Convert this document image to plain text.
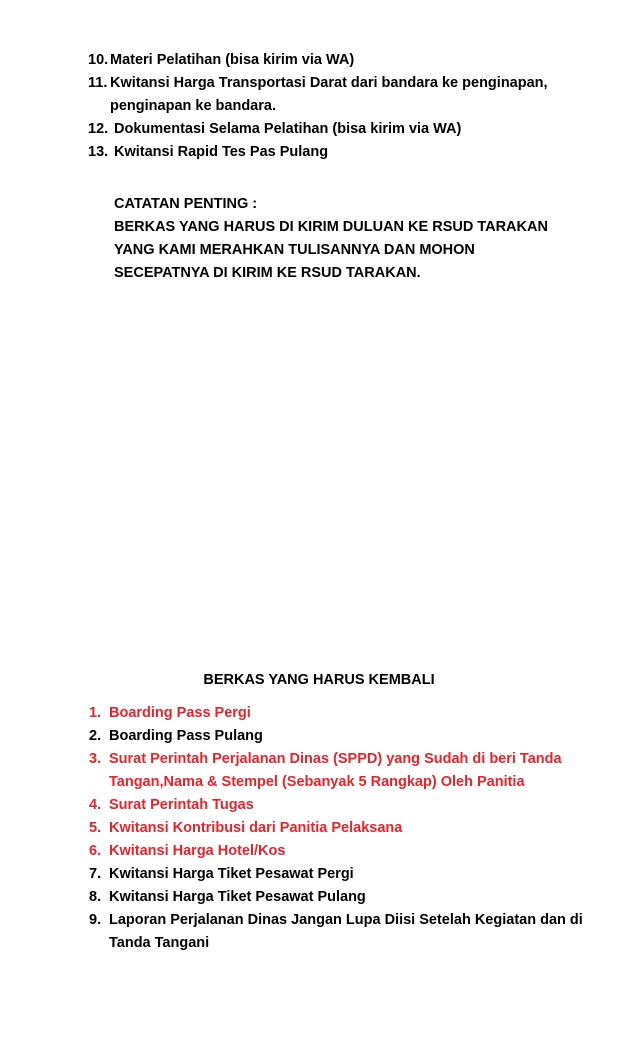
10. Materi Pelatihan (bisa kirim via WA)
11. Kwitansi Harga Transportasi Darat dari bandara ke penginapan, penginapan ke bandara.
12. Dokumentasi Selama Pelatihan (bisa kirim via WA)
13. Kwitansi Rapid Tes Pas Pulang
CATATAN PENTING :
BERKAS YANG HARUS DI KIRIM DULUAN KE RSUD TARAKAN
YANG KAMI MERAHKAN TULISANNYA DAN MOHON
SECEPATNYA DI KIRIM KE RSUD TARAKAN.
BERKAS YANG HARUS KEMBALI
1. Boarding Pass Pergi
2. Boarding Pass Pulang
3. Surat Perintah Perjalanan Dinas (SPPD) yang Sudah di beri Tanda Tangan,Nama & Stempel (Sebanyak 5 Rangkap) Oleh Panitia
4. Surat Perintah Tugas
5. Kwitansi Kontribusi dari Panitia Pelaksana
6. Kwitansi Harga Hotel/Kos
7. Kwitansi Harga Tiket Pesawat Pergi
8. Kwitansi Harga Tiket Pesawat Pulang
9. Laporan Perjalanan Dinas Jangan Lupa Diisi Setelah Kegiatan dan di Tanda Tangani
